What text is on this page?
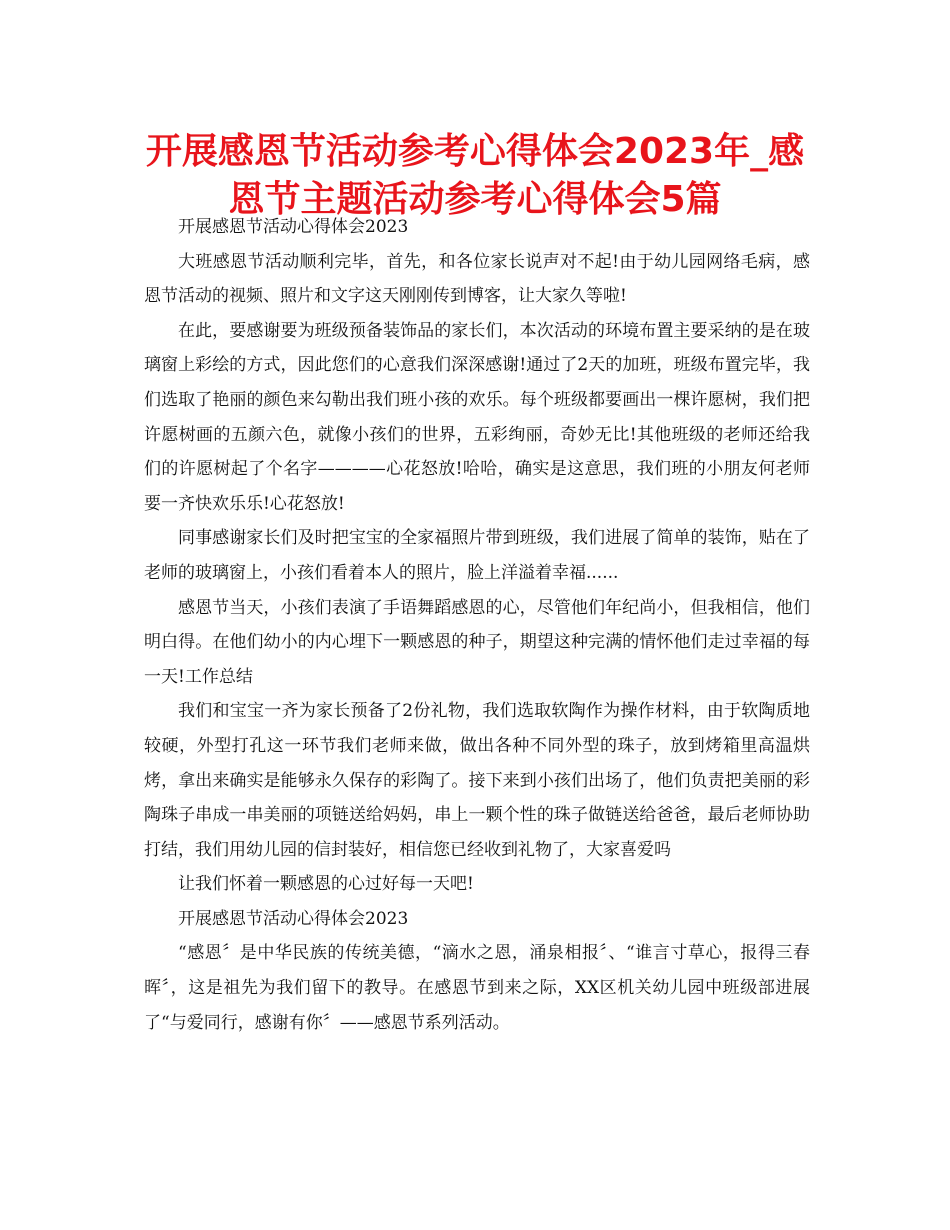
开展感恩节活动参考心得体会2023年_感恩节主题活动参考心得体会5篇

开展感恩节活动心得体会2023

大班感恩节活动顺利完毕，首先，和各位家长说声对不起!由于幼儿园网络毛病，感恩节活动的视频、照片和文字这天刚刚传到博客，让大家久等啦!

在此，要感谢要为班级预备装饰品的家长们，本次活动的环境布置主要采纳的是在玻璃窗上彩绘的方式，因此您们的心意我们深深感谢!通过了2天的加班，班级布置完毕，我们选取了艳丽的颜色来勾勒出我们班小孩的欢乐。每个班级都要画出一棵许愿树，我们把许愿树画的五颜六色，就像小孩们的世界，五彩绚丽，奇妙无比!其他班级的老师还给我们的许愿树起了个名字————心花怒放!哈哈，确实是这意思，我们班的小朋友何老师要一齐快欢乐乐!心花怒放!

同事感谢家长们及时把宝宝的全家福照片带到班级，我们进展了简单的装饰，贴在了老师的玻璃窗上，小孩们看着本人的照片，脸上洋溢着幸福......

感恩节当天，小孩们表演了手语舞蹈感恩的心，尽管他们年纪尚小，但我相信，他们明白得。在他们幼小的内心埋下一颗感恩的种子，期望这种完满的情怀他们走过幸福的每一天!工作总结

我们和宝宝一齐为家长预备了2份礼物，我们选取软陶作为操作材料，由于软陶质地较硬，外型打孔这一环节我们老师来做，做出各种不同外型的珠子，放到烤箱里高温烘烤，拿出来确实是能够永久保存的彩陶了。接下来到小孩们出场了，他们负责把美丽的彩陶珠子串成一串美丽的项链送给妈妈，串上一颗个性的珠子做链送给爸爸，最后老师协助打结，我们用幼儿园的信封装好，相信您已经收到礼物了，大家喜爱吗

让我们怀着一颗感恩的心过好每一天吧!

开展感恩节活动心得体会2023

“感恩〞是中华民族的传统美德，“滴水之恩，涌泉相报〞、“谁言寸草心，报得三春晖〞，这是祖先为我们留下的教导。在感恩节到来之际，XX区机关幼儿园中班级部进展了“与爱同行，感谢有你〞——感恩节系列活动。
